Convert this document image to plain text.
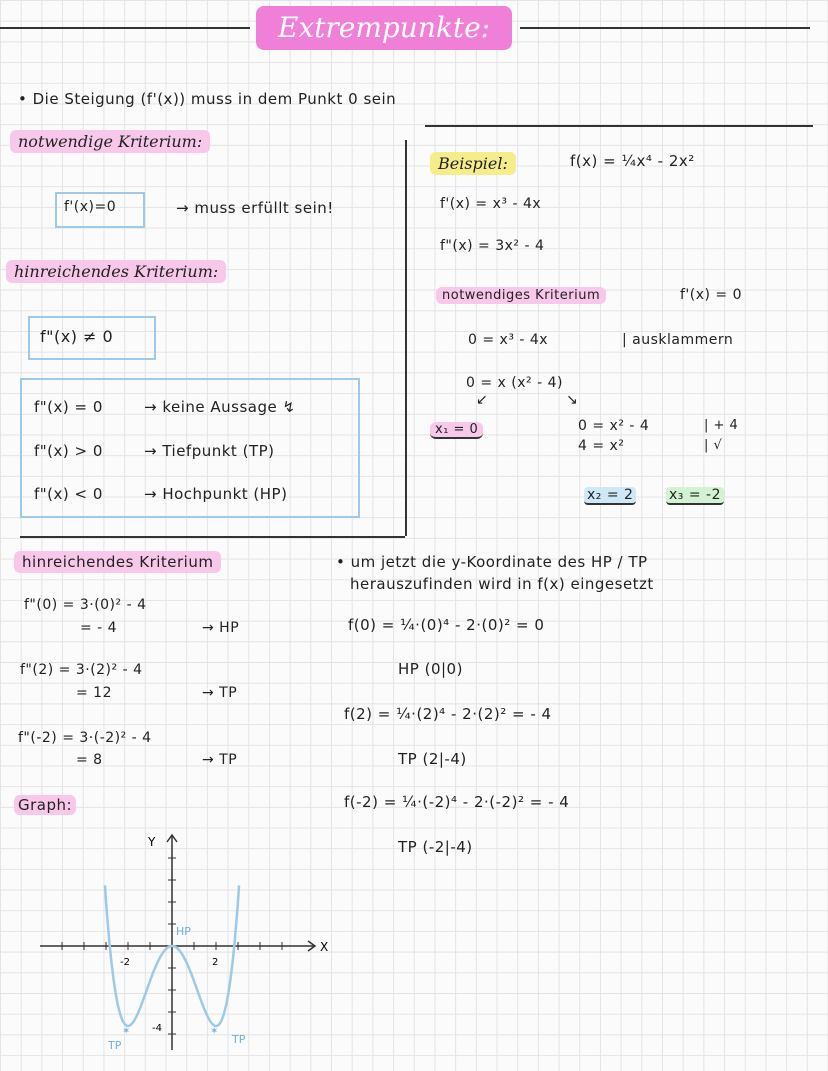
Extrempunkte:
• Die Steigung (f'(x)) muss in dem Punkt 0 sein
notwendige Kriterium:
f'(x)=0	→ muss erfüllt sein!
hinreichendes Kriterium:
f"(x) ≠ 0
f"(x) = 0	→ keine Aussage ↯
f"(x) > 0	→ Tiefpunkt (TP)
f"(x) < 0	→ Hochpunkt (HP)
Beispiel:	f(x) = ¼x⁴ - 2x²
f'(x) = x³ - 4x
f"(x) = 3x² - 4
notwendiges Kriterium	f'(x) = 0
0 = x³ - 4x	| ausklammern
0 = x (x² - 4)
↙	↘
x₁ = 0	0 = x² - 4	| + 4
4 = x²	| √
x₂ = 2	x₃ = -2
hinreichendes Kriterium
f"(0) = 3·(0)² - 4
= - 4	→ HP
f"(2) = 3·(2)² - 4
= 12	→ TP
f"(-2) = 3·(-2)² - 4
= 8	→ TP
• um jetzt die y-Koordinate des HP / TP
herauszufinden wird in f(x) eingesetzt
f(0) = ¼·(0)⁴ - 2·(0)² = 0
HP (0|0)
f(2) = ¼·(2)⁴ - 2·(2)² = - 4
TP (2|-4)
f(-2) = ¼·(-2)⁴ - 2·(-2)² = - 4
TP (-2|-4)
Graph:
Y
X
-2	2
-4
HP
TP	TP
✶	✶
